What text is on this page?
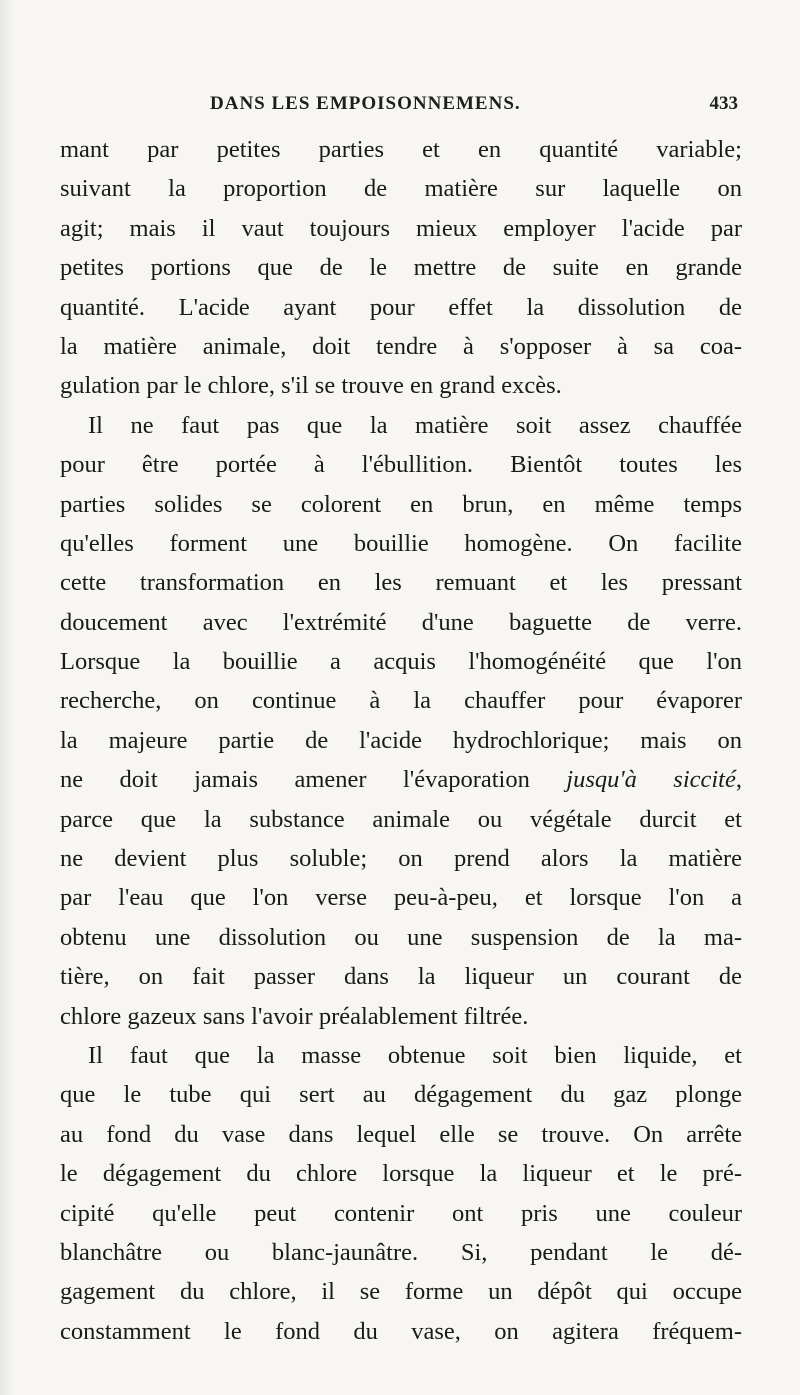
DANS LES EMPOISONNEMENS.	433
mant par petites parties et en quantité variable;
suivant la proportion de matière sur laquelle on
agit; mais il vaut toujours mieux employer l'acide par
petites portions que de le mettre de suite en grande
quantité. L'acide ayant pour effet la dissolution de
la matière animale, doit tendre à s'opposer à sa coa-
gulation par le chlore, s'il se trouve en grand excès.
Il ne faut pas que la matière soit assez chauffée
pour être portée à l'ébullition. Bientôt toutes les
parties solides se colorent en brun, en même temps
qu'elles forment une bouillie homogène. On facilite
cette transformation en les remuant et les pressant
doucement avec l'extrémité d'une baguette de verre.
Lorsque la bouillie a acquis l'homogénéité que l'on
recherche, on continue à la chauffer pour évaporer
la majeure partie de l'acide hydrochlorique; mais on
ne doit jamais amener l'évaporation jusqu'à siccité,
parce que la substance animale ou végétale durcit et
ne devient plus soluble; on prend alors la matière
par l'eau que l'on verse peu-à-peu, et lorsque l'on a
obtenu une dissolution ou une suspension de la ma-
tière, on fait passer dans la liqueur un courant de
chlore gazeux sans l'avoir préalablement filtrée.
Il faut que la masse obtenue soit bien liquide, et
que le tube qui sert au dégagement du gaz plonge
au fond du vase dans lequel elle se trouve. On arrête
le dégagement du chlore lorsque la liqueur et le pré-
cipité qu'elle peut contenir ont pris une couleur
blanchâtre ou blanc-jaunâtre. Si, pendant le dé-
gagement du chlore, il se forme un dépôt qui occupe
constamment le fond du vase, on agitera fréquem-
